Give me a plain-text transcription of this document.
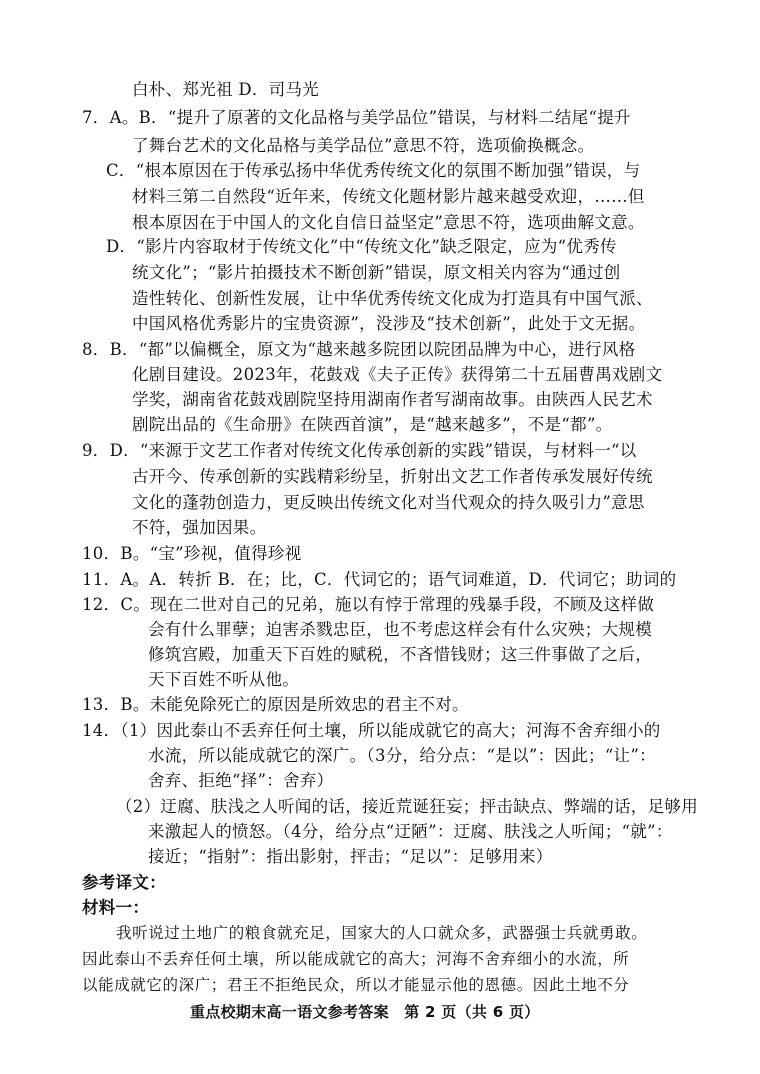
白朴、郑光祖 D．司马光
7．A。B．“提升了原著的文化品格与美学品位”错误，与材料二结尾“提升
了舞台艺术的文化品格与美学品位”意思不符，选项偷换概念。
C．“根本原因在于传承弘扬中华优秀传统文化的氛围不断加强”错误，与
材料三第二自然段“近年来，传统文化题材影片越来越受欢迎，……但
根本原因在于中国人的文化自信日益坚定”意思不符，选项曲解文意。
D．“影片内容取材于传统文化”中“传统文化”缺乏限定，应为“优秀传
统文化”；“影片拍摄技术不断创新”错误，原文相关内容为“通过创
造性转化、创新性发展，让中华优秀传统文化成为打造具有中国气派、
中国风格优秀影片的宝贵资源”，没涉及“技术创新”，此处于文无据。
8．B．“都”以偏概全，原文为“越来越多院团以院团品牌为中心，进行风格
化剧目建设。2023年，花鼓戏《夫子正传》获得第二十五届曹禺戏剧文
学奖，湖南省花鼓戏剧院坚持用湖南作者写湖南故事。由陕西人民艺术
剧院出品的《生命册》在陕西首演”，是“越来越多”，不是“都”。
9．D．“来源于文艺工作者对传统文化传承创新的实践”错误，与材料一“以
古开今、传承创新的实践精彩纷呈，折射出文艺工作者传承发展好传统
文化的蓬勃创造力，更反映出传统文化对当代观众的持久吸引力”意思
不符，强加因果。
10．B。“宝”珍视，值得珍视
11．A。A．转折 B．在；比，C．代词它的；语气词难道，D．代词它；助词的
12．C。现在二世对自己的兄弟，施以有悖于常理的残暴手段，不顾及这样做
会有什么罪孽；迫害杀戮忠臣，也不考虑这样会有什么灾殃；大规模
修筑宫殿，加重天下百姓的赋税，不吝惜钱财；这三件事做了之后，
天下百姓不听从他。
13．B。未能免除死亡的原因是所效忠的君主不对。
14．（1）因此泰山不丢弃任何土壤，所以能成就它的高大；河海不舍弃细小的
水流，所以能成就它的深广。（3分，给分点：“是以”：因此；“让”：
舍弃、拒绝“择”：舍弃）
（2）迂腐、肤浅之人听闻的话，接近荒诞狂妄；抨击缺点、弊端的话，足够用
来激起人的愤怒。（4分，给分点“迂陋”：迂腐、肤浅之人听闻；“就”：
接近；“指射”：指出影射，抨击；“足以”：足够用来）
参考译文：
材料一：
我听说过土地广的粮食就充足，国家大的人口就众多，武器强士兵就勇敢。
因此泰山不丢弃任何土壤，所以能成就它的高大；河海不舍弃细小的水流，所
以能成就它的深广；君王不拒绝民众，所以才能显示他的恩德。因此土地不分
重点校期末高一语文参考答案　第 2 页（共 6 页）
